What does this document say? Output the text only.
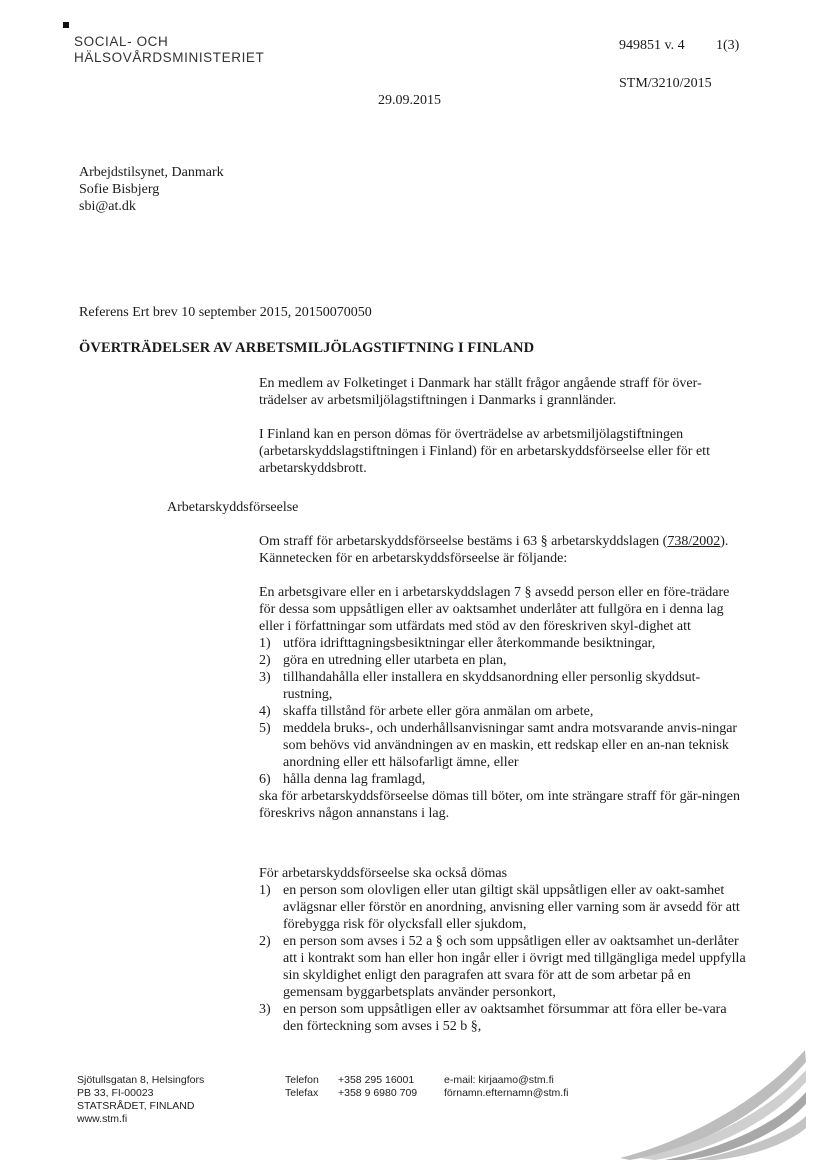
SOCIAL- OCH
HÄLSOVÅRDSMINISTERIET
949851 v. 4 1(3)
STM/3210/2015
29.09.2015
Arbejdstilsynet, Danmark
Sofie Bisbjerg
sbi@at.dk
Referens Ert brev 10 september 2015, 20150070050
ÖVERTRÄDELSER AV ARBETSMILJÖLAGSTIFTNING I FINLAND

En medlem av Folketinget i Danmark har ställt frågor angående straff för över-trädelser av arbetsmiljölagstiftningen i Danmarks i grannländer.

I Finland kan en person dömas för överträdelse av arbetsmiljölagstiftningen (arbetarskyddslagstiftningen i Finland) för en arbetarskyddsförseelse eller för ett arbetarskyddsbrott.

Arbetarskyddsförseelse

Om straff för arbetarskyddsförseelse bestäms i 63 § arbetarskyddslagen (738/2002). Kännetecken för en arbetarskyddsförseelse är följande:

En arbetsgivare eller en i arbetarskyddslagen 7 § avsedd person eller en före-trädare för dessa som uppsåtligen eller av oaktsamhet underlåter att fullgöra en i denna lag eller i författningar som utfärdats med stöd av den föreskriven skyl-dighet att

1) utföra idrifttagningsbesiktningar eller återkommande besiktningar,
2) göra en utredning eller utarbeta en plan,
3) tillhandahålla eller installera en skyddsanordning eller personlig skyddsut-rustning,
4) skaffa tillstånd för arbete eller göra anmälan om arbete,
5) meddela bruks-, och underhållsanvisningar samt andra motsvarande anvis-ningar som behövs vid användningen av en maskin, ett redskap eller en an-nan teknisk anordning eller ett hälsofarligt ämne, eller
6) hålla denna lag framlagd,

ska för arbetarskyddsförseelse dömas till böter, om inte strängare straff för gär-ningen föreskrivs någon annanstans i lag.

För arbetarskyddsförseelse ska också dömas

1) en person som olovligen eller utan giltigt skäl uppsåtligen eller av oakt-samhet avlägsnar eller förstör en anordning, anvisning eller varning som är avsedd för att förebygga risk för olycksfall eller sjukdom,
2) en person som avses i 52 a § och som uppsåtligen eller av oaktsamhet un-derlåter att i kontrakt som han eller hon ingår eller i övrigt med tillgängliga medel uppfylla sin skyldighet enligt den paragrafen att svara för att de som arbetar på en gemensam byggarbetsplats använder personkort,
3) en person som uppsåtligen eller av oaktsamhet försummar att föra eller be-vara den förteckning som avses i 52 b §,
Sjötullsgatan 8, Helsingfors
PB 33, FI-00023
STATSRÅDET, FINLAND
www.stm.fi
Telefon
Telefax
+358 295 16001
+358 9 6980 709
e-mail: kirjaamo@stm.fi
förnamn.efternamn@stm.fi
